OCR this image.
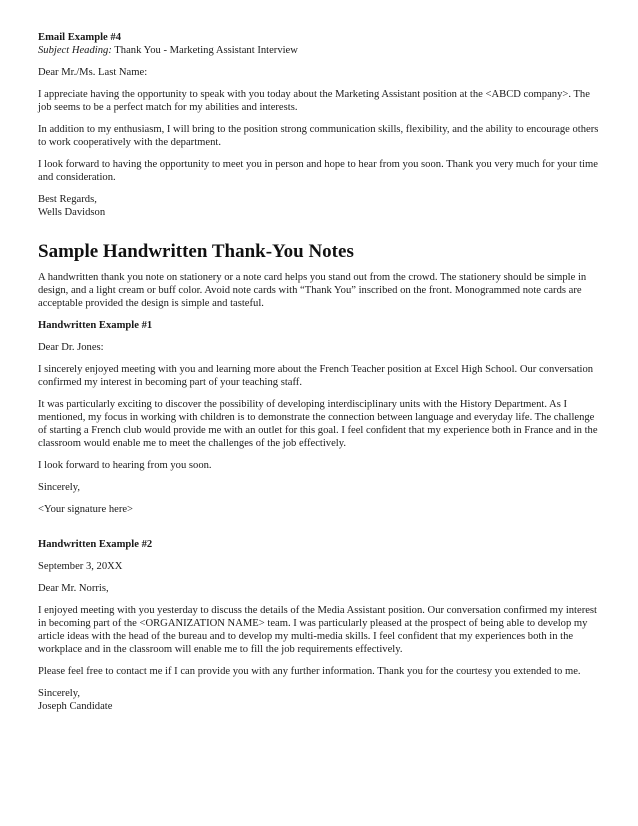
Email Example #4
Subject Heading: Thank You - Marketing Assistant Interview
Dear Mr./Ms. Last Name:
I appreciate having the opportunity to speak with you today about the Marketing Assistant position at the <ABCD company>. The job seems to be a perfect match for my abilities and interests.
In addition to my enthusiasm, I will bring to the position strong communication skills, flexibility, and the ability to encourage others to work cooperatively with the department.
I look forward to having the opportunity to meet you in person and hope to hear from you soon. Thank you very much for your time and consideration.
Best Regards,
Wells Davidson
Sample Handwritten Thank-You Notes
A handwritten thank you note on stationery or a note card helps you stand out from the crowd. The stationery should be simple in design, and a light cream or buff color. Avoid note cards with “Thank You” inscribed on the front. Monogrammed note cards are acceptable provided the design is simple and tasteful.
Handwritten Example #1
Dear Dr. Jones:
I sincerely enjoyed meeting with you and learning more about the French Teacher position at Excel High School. Our conversation confirmed my interest in becoming part of your teaching staff.
It was particularly exciting to discover the possibility of developing interdisciplinary units with the History Department. As I mentioned, my focus in working with children is to demonstrate the connection between language and everyday life. The challenge of starting a French club would provide me with an outlet for this goal. I feel confident that my experience both in France and in the classroom would enable me to meet the challenges of the job effectively.
I look forward to hearing from you soon.
Sincerely,
<Your signature here>
Handwritten Example #2
September 3, 20XX
Dear Mr. Norris,
I enjoyed meeting with you yesterday to discuss the details of the Media Assistant position. Our conversation confirmed my interest in becoming part of the <ORGANIZATION NAME> team. I was particularly pleased at the prospect of being able to develop my article ideas with the head of the bureau and to develop my multi-media skills. I feel confident that my experiences both in the workplace and in the classroom will enable me to fill the job requirements effectively.
Please feel free to contact me if I can provide you with any further information. Thank you for the courtesy you extended to me.
Sincerely,
Joseph Candidate
